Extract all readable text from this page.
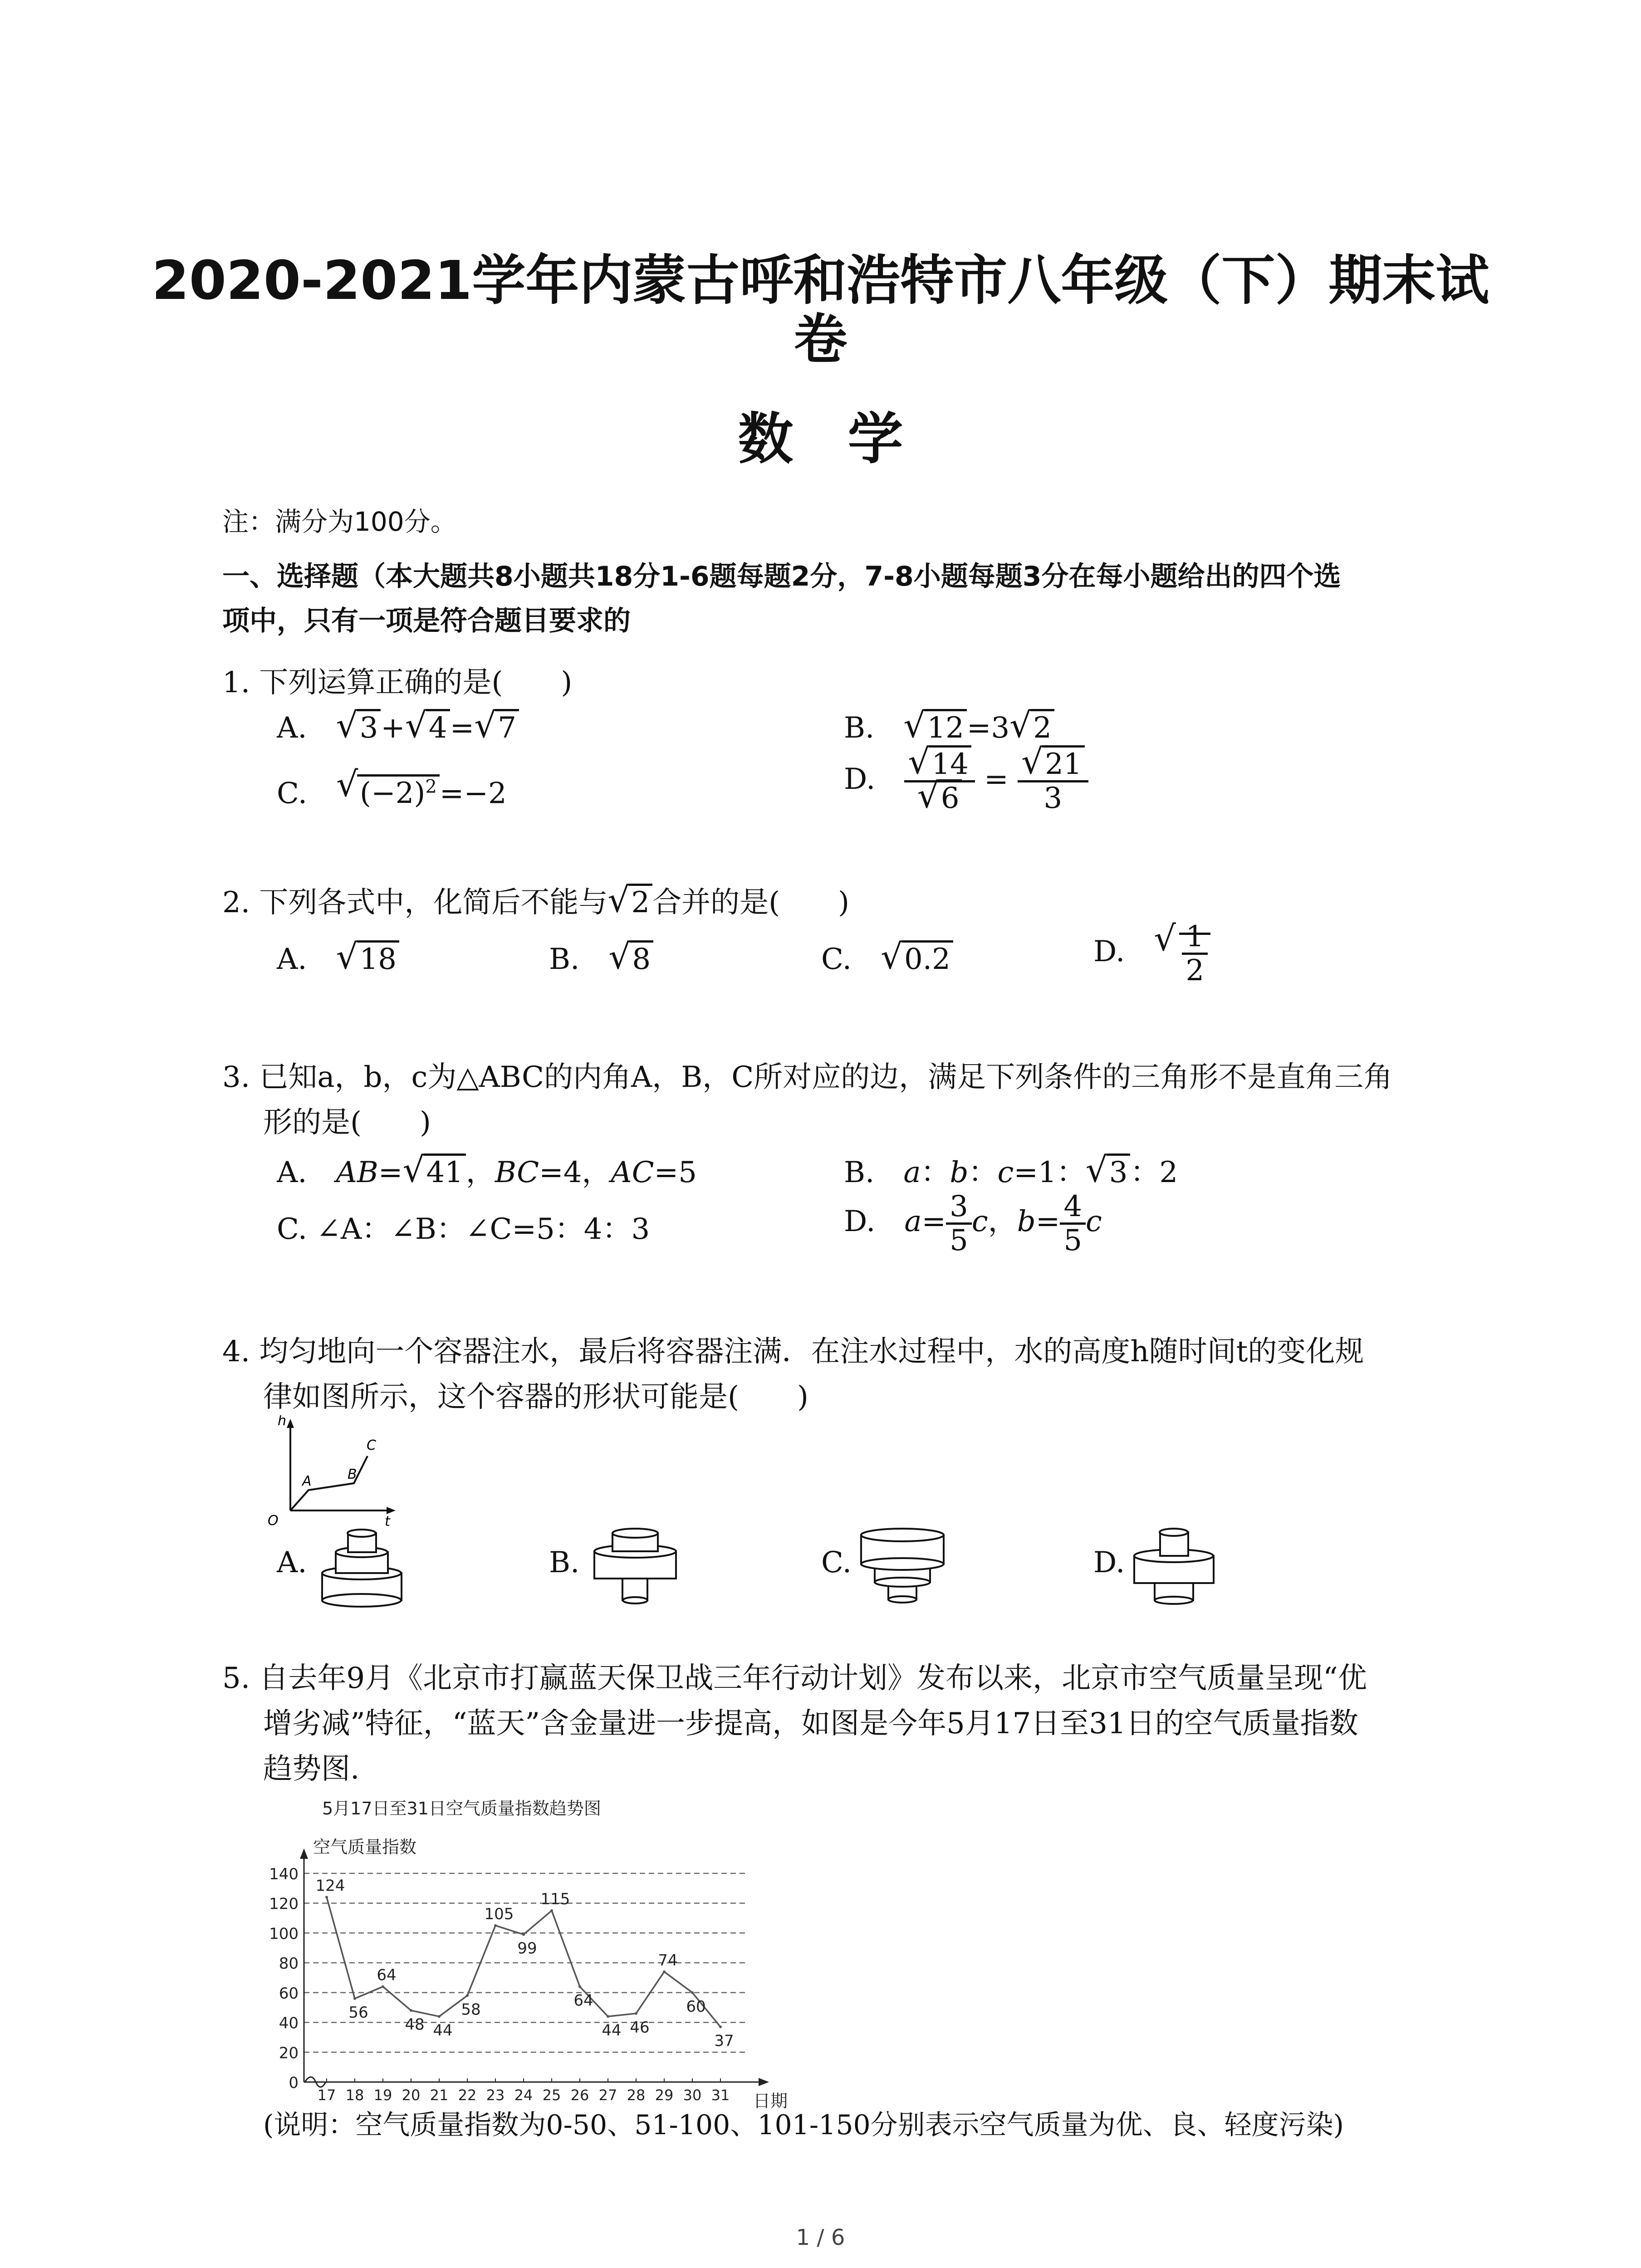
2020-2021学年内蒙古呼和浩特市八年级（下）期末试
卷
数学
注：满分为100分。
一、选择题（本大题共8小题共18分1-6题每题2分，7-8小题每题3分在每小题给出的四个选
项中，只有一项是符合题目要求的
1. 下列运算正确的是(　　)
A.　√ 3+ √ 4= √ 7	B.　√ 12=3 √ 2
C.　√ $(-2)^2=-2$	D.　 √ 14
√ 6 = √ $\frac{21}{3}$
2. 下列各式中，化简后不能与 √ 2合并的是(　　)
A.　√ 18	B.　√ 8	C.　√ 0.2	D.　 √ $\frac{1}{2}$
3. 已知a，b，c为△ABC的内角A，B，C所对应的边，满足下列条件的三角形不是直角三角
形的是(　　)
A.　AB= √ 41，BC=4，AC=5	B.　a：b：c=1： √ 3：2
C. ∠A：∠B：∠C=5：4：3	D.　$a= \frac{3}{5}$ c，$b= \frac{4}{5}$ c
4. 均匀地向一个容器注水，最后将容器注满．在注水过程中，水的高度h随时间t的变化规
律如图所示，这个容器的形状可能是(　　)
h
t
O
A	B
C
A.	B.	C.	D.
5. 自去年9月《北京市打赢蓝天保卫战三年行动计划》发布以来，北京市空气质量呈现“优
增劣减”特征，“蓝天”含金量进一步提高，如图是今年5月17日至31日的空气质量指数
趋势图.
5月17日至31日空气质量指数趋势图
空气质量指数
日期
0
20
40
60
80
100
120
140
17 18 19 20 21 22 23 24 25 26 27 28 29 30 31
124
56
64
48 44
58
105
99
115
64
44 46
74
60
37
(说明：空气质量指数为0-50、51-100、101-150分别表示空气质量为优、良、轻度污染)
1 / 6
